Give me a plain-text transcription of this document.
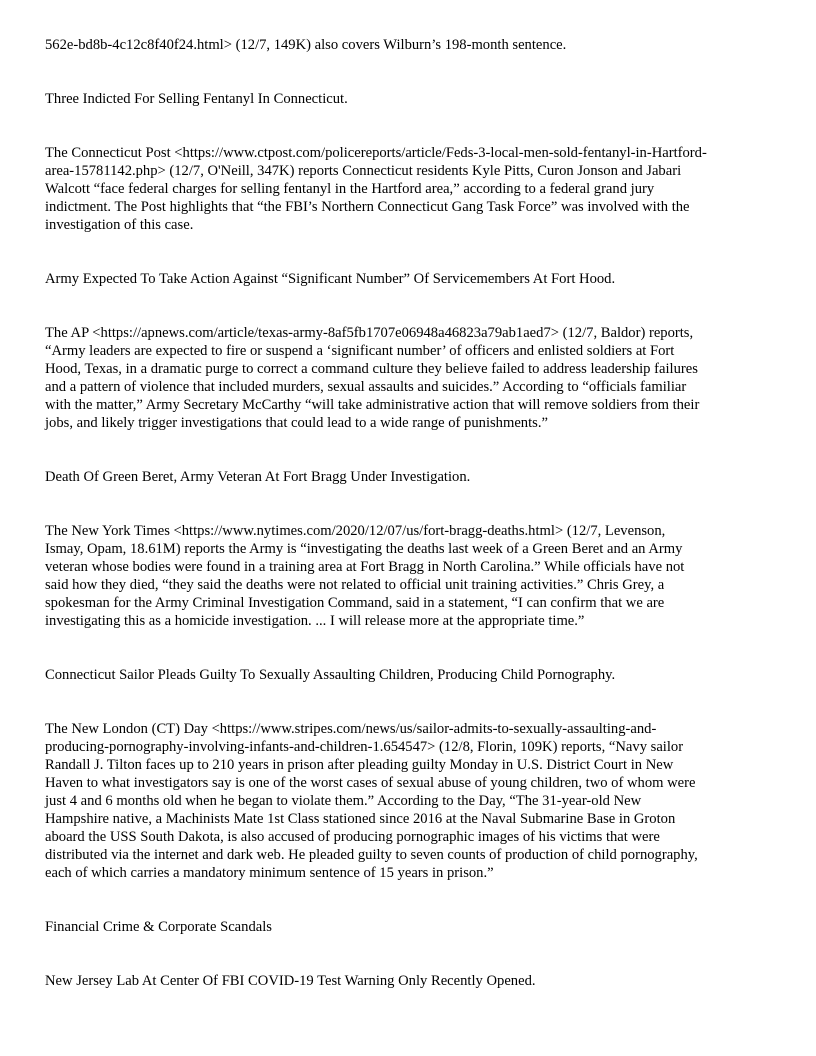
562e-bd8b-4c12c8f40f24.html> (12/7, 149K) also covers Wilburn’s 198-month sentence.

Three Indicted For Selling Fentanyl In Connecticut.

The Connecticut Post <https://www.ctpost.com/policereports/article/Feds-3-local-men-sold-fentanyl-in-Hartford-
area-15781142.php> (12/7, O'Neill, 347K) reports Connecticut residents Kyle Pitts, Curon Jonson and Jabari
Walcott “face federal charges for selling fentanyl in the Hartford area,” according to a federal grand jury
indictment. The Post highlights that “the FBI’s Northern Connecticut Gang Task Force” was involved with the
investigation of this case.

Army Expected To Take Action Against “Significant Number” Of Servicemembers At Fort Hood.

The AP <https://apnews.com/article/texas-army-8af5fb1707e06948a46823a79ab1aed7> (12/7, Baldor) reports,
“Army leaders are expected to fire or suspend a ‘significant number’ of officers and enlisted soldiers at Fort
Hood, Texas, in a dramatic purge to correct a command culture they believe failed to address leadership failures
and a pattern of violence that included murders, sexual assaults and suicides.” According to “officials familiar
with the matter,” Army Secretary McCarthy “will take administrative action that will remove soldiers from their
jobs, and likely trigger investigations that could lead to a wide range of punishments.”

Death Of Green Beret, Army Veteran At Fort Bragg Under Investigation.

The New York Times <https://www.nytimes.com/2020/12/07/us/fort-bragg-deaths.html> (12/7, Levenson,
Ismay, Opam, 18.61M) reports the Army is “investigating the deaths last week of a Green Beret and an Army
veteran whose bodies were found in a training area at Fort Bragg in North Carolina.” While officials have not
said how they died, “they said the deaths were not related to official unit training activities.” Chris Grey, a
spokesman for the Army Criminal Investigation Command, said in a statement, “I can confirm that we are
investigating this as a homicide investigation. ... I will release more at the appropriate time.”

Connecticut Sailor Pleads Guilty To Sexually Assaulting Children, Producing Child Pornography.

The New London (CT) Day <https://www.stripes.com/news/us/sailor-admits-to-sexually-assaulting-and-
producing-pornography-involving-infants-and-children-1.654547> (12/8, Florin, 109K) reports, “Navy sailor
Randall J. Tilton faces up to 210 years in prison after pleading guilty Monday in U.S. District Court in New
Haven to what investigators say is one of the worst cases of sexual abuse of young children, two of whom were
just 4 and 6 months old when he began to violate them.” According to the Day, “The 31-year-old New
Hampshire native, a Machinists Mate 1st Class stationed since 2016 at the Naval Submarine Base in Groton
aboard the USS South Dakota, is also accused of producing pornographic images of his victims that were
distributed via the internet and dark web. He pleaded guilty to seven counts of production of child pornography,
each of which carries a mandatory minimum sentence of 15 years in prison.”

Financial Crime & Corporate Scandals

New Jersey Lab At Center Of FBI COVID-19 Test Warning Only Recently Opened.
